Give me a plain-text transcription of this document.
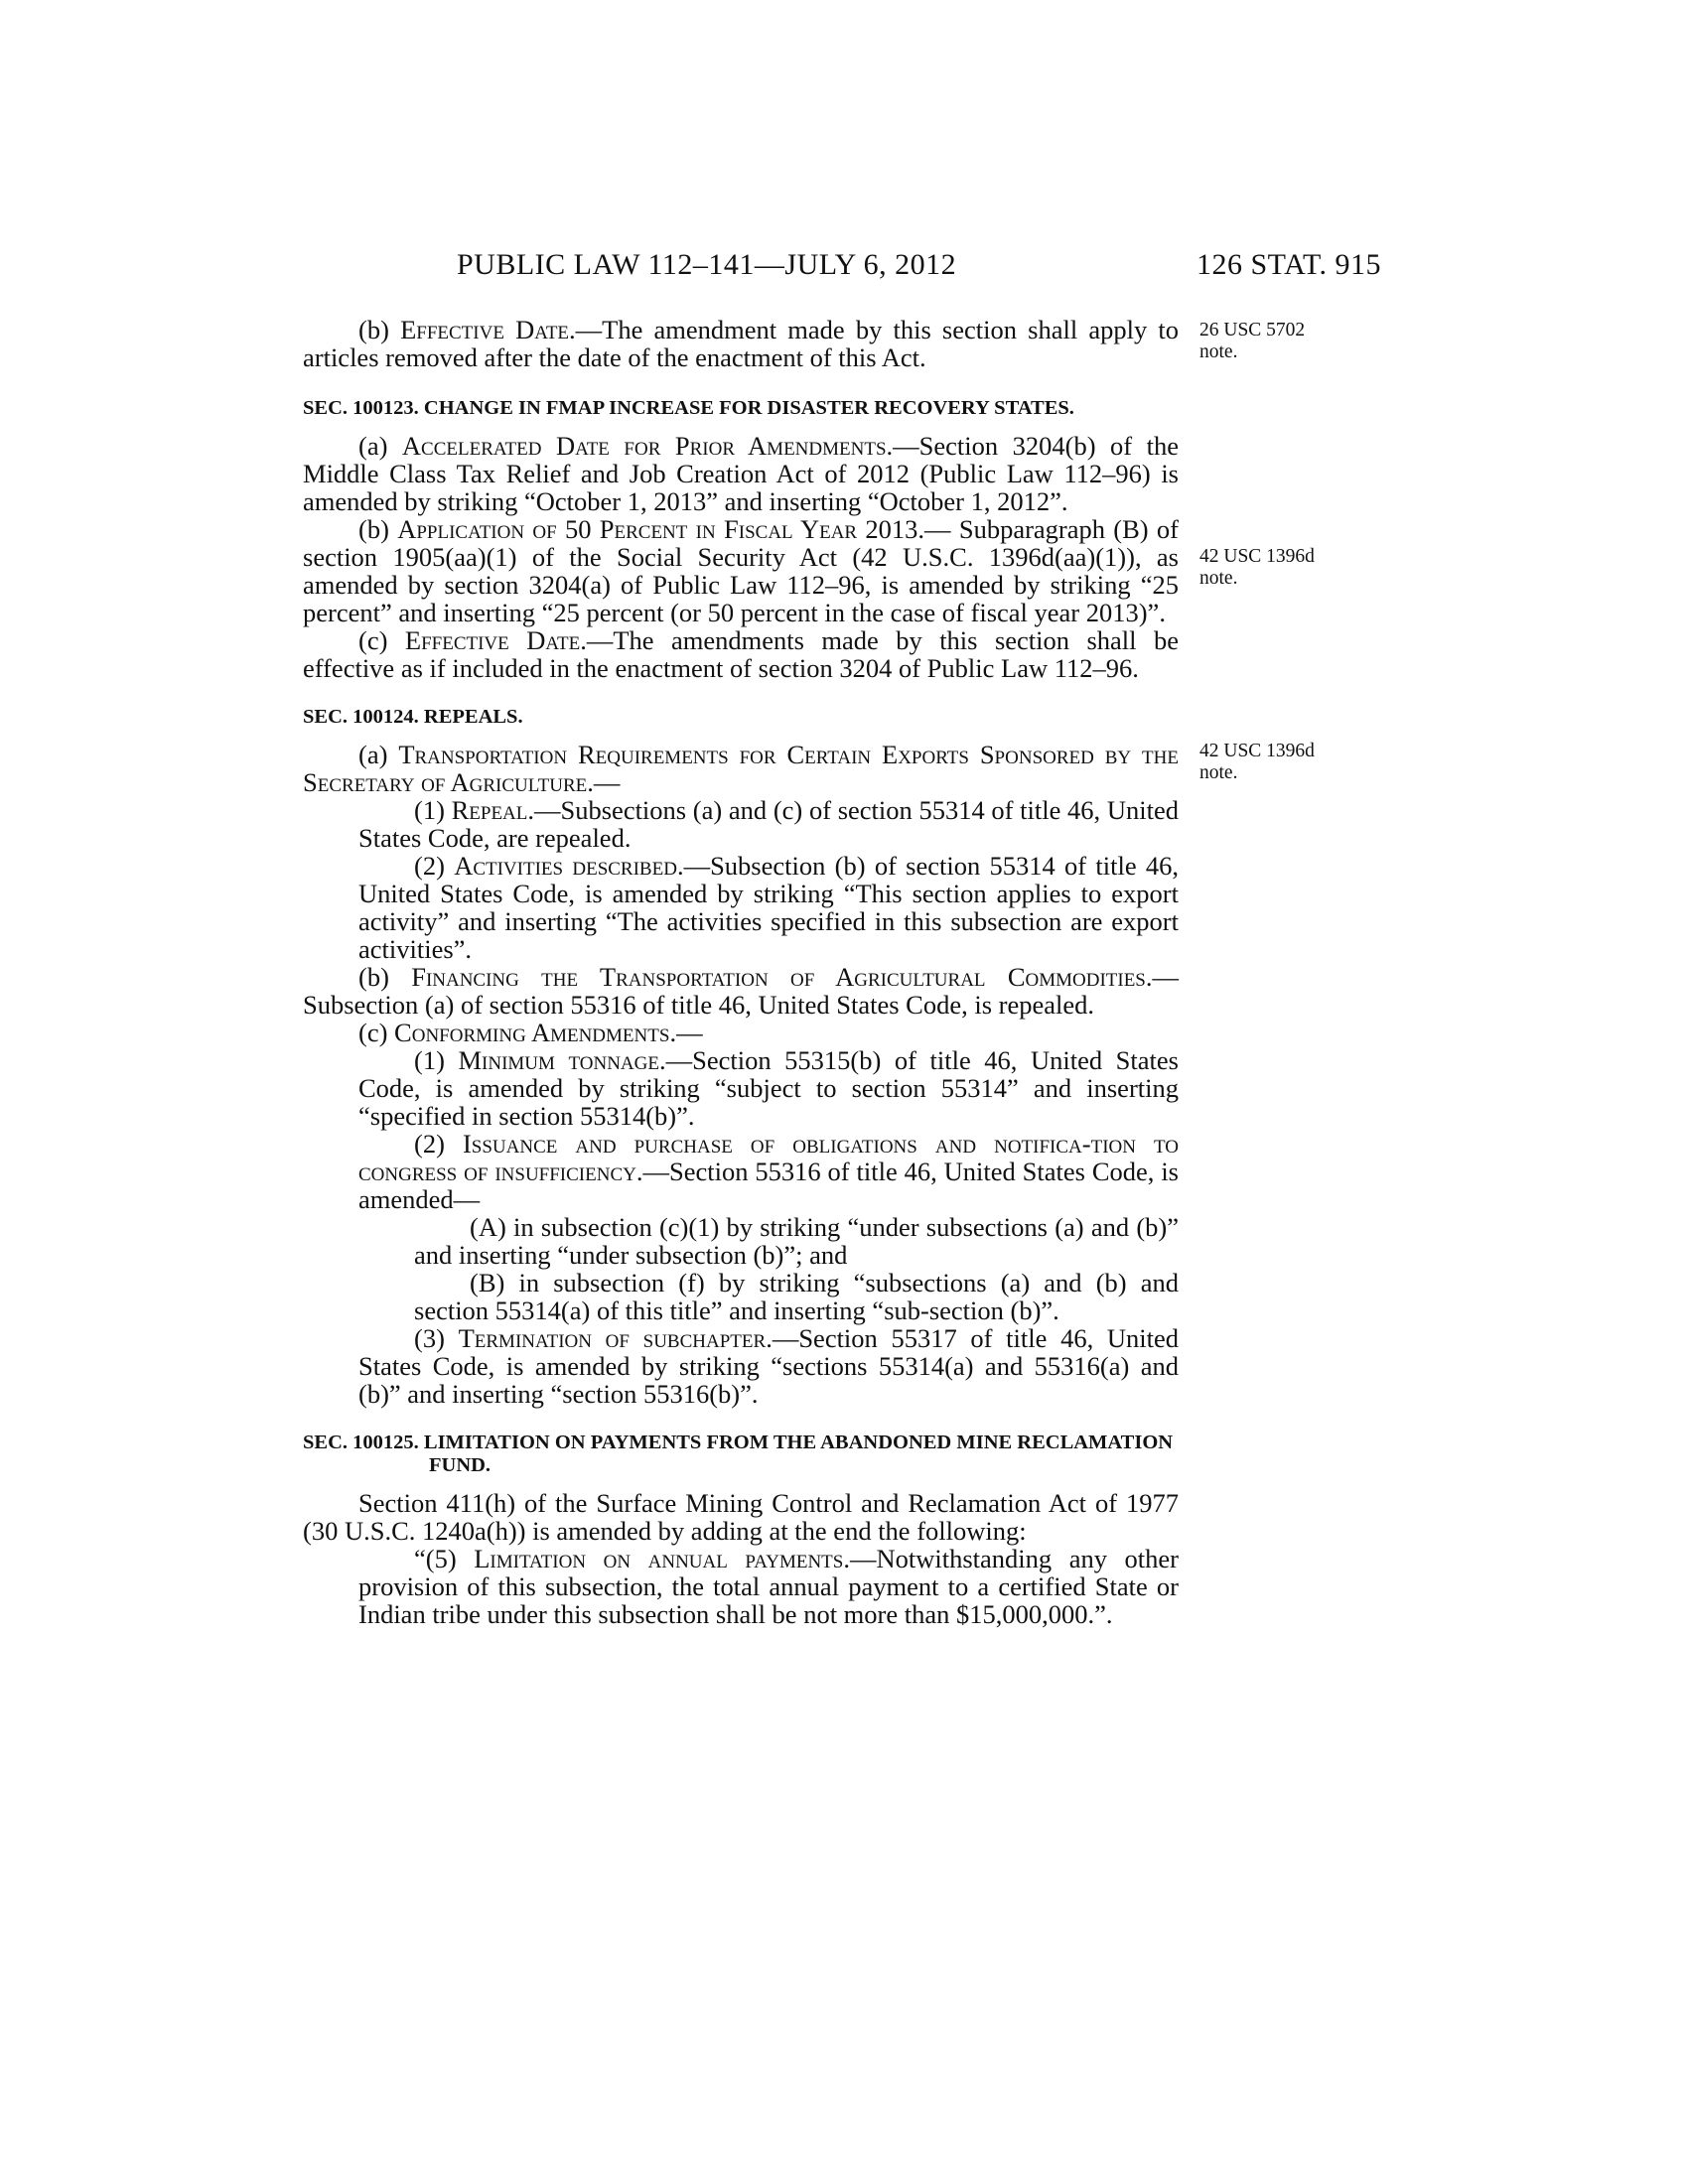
PUBLIC LAW 112–141—JULY 6, 2012	126 STAT. 915
26 USC 5702
note.
42 USC 1396d
note.
42 USC 1396d
note.

(b) Effective Date.—The amendment made by this section shall apply to articles removed after the date of the enactment of this Act.

SEC. 100123. CHANGE IN FMAP INCREASE FOR DISASTER RECOVERY STATES.

(a) Accelerated Date for Prior Amendments.—Section 3204(b) of the Middle Class Tax Relief and Job Creation Act of 2012 (Public Law 112–96) is amended by striking “October 1, 2013” and inserting “October 1, 2012”.

(b) Application of 50 Percent in Fiscal Year 2013.— Subparagraph (B) of section 1905(aa)(1) of the Social Security Act (42 U.S.C. 1396d(aa)(1)), as amended by section 3204(a) of Public Law 112–96, is amended by striking “25 percent” and inserting “25 percent (or 50 percent in the case of fiscal year 2013)”.

(c) Effective Date.—The amendments made by this section shall be effective as if included in the enactment of section 3204 of Public Law 112–96.

SEC. 100124. REPEALS.

(a) Transportation Requirements for Certain Exports Sponsored by the Secretary of Agriculture.—

(1) Repeal.—Subsections (a) and (c) of section 55314 of title 46, United States Code, are repealed.

(2) Activities described.—Subsection (b) of section 55314 of title 46, United States Code, is amended by striking “This section applies to export activity” and inserting “The activities specified in this subsection are export activities”.

(b) Financing the Transportation of Agricultural Commodities.—Subsection (a) of section 55316 of title 46, United States Code, is repealed.

(c) Conforming Amendments.—

(1) Minimum tonnage.—Section 55315(b) of title 46, United States Code, is amended by striking “subject to section 55314” and inserting “specified in section 55314(b)”.

(2) Issuance and purchase of obligations and notifica-tion to congress of insufficiency.—Section 55316 of title 46, United States Code, is amended—

(A) in subsection (c)(1) by striking “under subsections (a) and (b)” and inserting “under subsection (b)”; and

(B) in subsection (f) by striking “subsections (a) and (b) and section 55314(a) of this title” and inserting “sub-section (b)”.

(3) Termination of subchapter.—Section 55317 of title 46, United States Code, is amended by striking “sections 55314(a) and 55316(a) and (b)” and inserting “section 55316(b)”.

SEC. 100125. LIMITATION ON PAYMENTS FROM THE ABANDONED MINE RECLAMATION FUND.

Section 411(h) of the Surface Mining Control and Reclamation Act of 1977 (30 U.S.C. 1240a(h)) is amended by adding at the end the following:

“(5) Limitation on annual payments.—Notwithstanding any other provision of this subsection, the total annual payment to a certified State or Indian tribe under this subsection shall be not more than $15,000,000.”.
